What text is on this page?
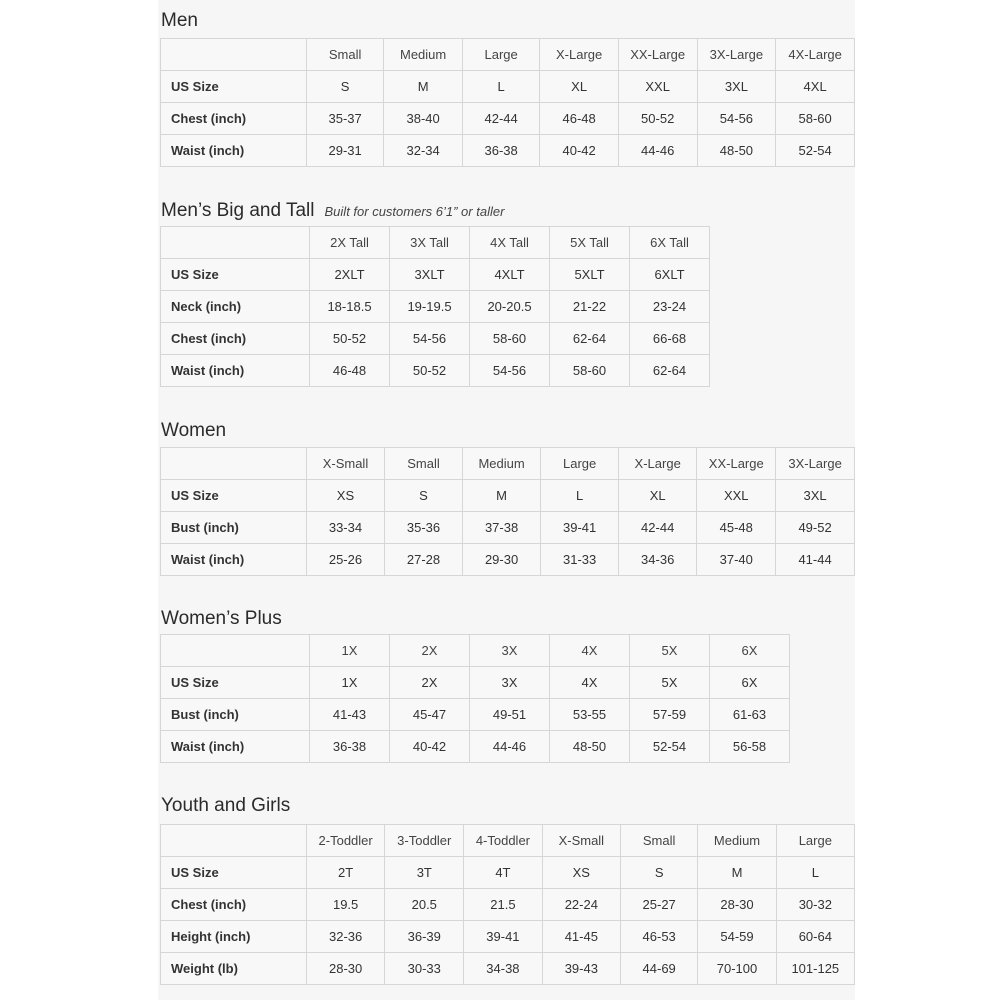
Men
	Small	Medium	Large	X-Large	XX-Large	3X-Large	4X-Large
US Size	S	M	L	XL	XXL	3XL	4XL
Chest (inch)	35-37	38-40	42-44	46-48	50-52	54-56	58-60
Waist (inch)	29-31	32-34	36-38	40-42	44-46	48-50	52-54
Men’s Big and Tall Built for customers 6’1” or taller
	2X Tall	3X Tall	4X Tall	5X Tall	6X Tall
US Size	2XLT	3XLT	4XLT	5XLT	6XLT
Neck (inch)	18-18.5	19-19.5	20-20.5	21-22	23-24
Chest (inch)	50-52	54-56	58-60	62-64	66-68
Waist (inch)	46-48	50-52	54-56	58-60	62-64
Women
	X-Small	Small	Medium	Large	X-Large	XX-Large	3X-Large
US Size	XS	S	M	L	XL	XXL	3XL
Bust (inch)	33-34	35-36	37-38	39-41	42-44	45-48	49-52
Waist (inch)	25-26	27-28	29-30	31-33	34-36	37-40	41-44
Women’s Plus
	1X	2X	3X	4X	5X	6X
US Size	1X	2X	3X	4X	5X	6X
Bust (inch)	41-43	45-47	49-51	53-55	57-59	61-63
Waist (inch)	36-38	40-42	44-46	48-50	52-54	56-58
Youth and Girls
	2-Toddler	3-Toddler	4-Toddler	X-Small	Small	Medium	Large
US Size	2T	3T	4T	XS	S	M	L
Chest (inch)	19.5	20.5	21.5	22-24	25-27	28-30	30-32
Height (inch)	32-36	36-39	39-41	41-45	46-53	54-59	60-64
Weight (lb)	28-30	30-33	34-38	39-43	44-69	70-100	101-125
